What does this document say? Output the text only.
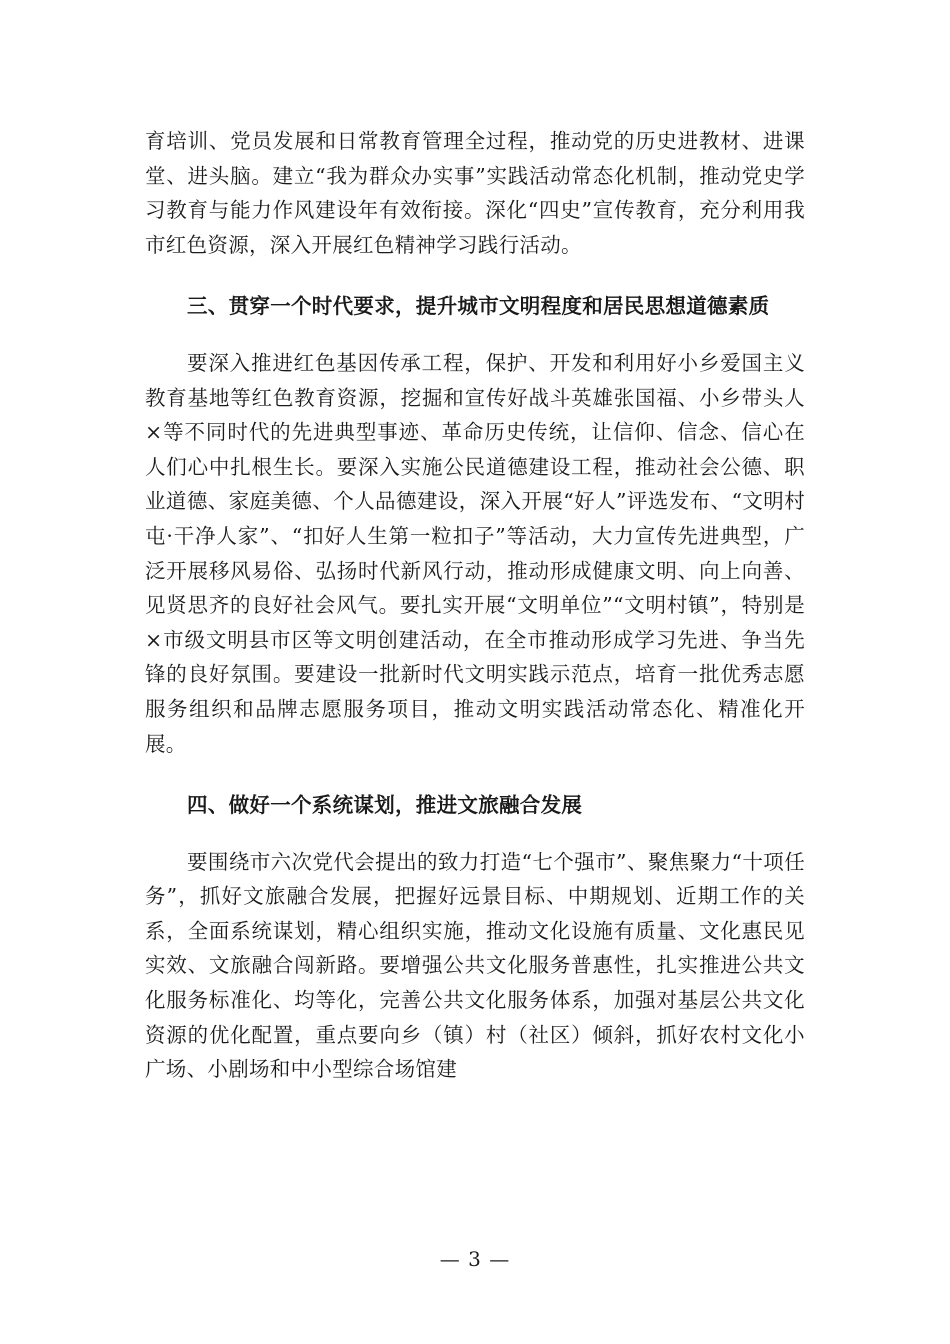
育培训、党员发展和日常教育管理全过程，推动党的历史进教材、进课堂、进头脑。建立“我为群众办实事”实践活动常态化机制，推动党史学习教育与能力作风建设年有效衔接。深化“四史”宣传教育，充分利用我市红色资源，深入开展红色精神学习践行活动。

三、贯穿一个时代要求，提升城市文明程度和居民思想道德素质

要深入推进红色基因传承工程，保护、开发和利用好小乡爱国主义教育基地等红色教育资源，挖掘和宣传好战斗英雄张国福、小乡带头人×等不同时代的先进典型事迹、革命历史传统，让信仰、信念、信心在人们心中扎根生长。要深入实施公民道德建设工程，推动社会公德、职业道德、家庭美德、个人品德建设，深入开展“好人”评选发布、“文明村屯·干净人家”、“扣好人生第一粒扣子”等活动，大力宣传先进典型，广泛开展移风易俗、弘扬时代新风行动，推动形成健康文明、向上向善、见贤思齐的良好社会风气。要扎实开展“文明单位”“文明村镇”，特别是×市级文明县市区等文明创建活动，在全市推动形成学习先进、争当先锋的良好氛围。要建设一批新时代文明实践示范点，培育一批优秀志愿服务组织和品牌志愿服务项目，推动文明实践活动常态化、精准化开展。

四、做好一个系统谋划，推进文旅融合发展

要围绕市六次党代会提出的致力打造“七个强市”、聚焦聚力“十项任务”，抓好文旅融合发展，把握好远景目标、中期规划、近期工作的关系，全面系统谋划，精心组织实施，推动文化设施有质量、文化惠民见实效、文旅融合闯新路。要增强公共文化服务普惠性，扎实推进公共文化服务标准化、均等化，完善公共文化服务体系，加强对基层公共文化资源的优化配置，重点要向乡（镇）村（社区）倾斜，抓好农村文化小广场、小剧场和中小型综合场馆建

— 3 —
